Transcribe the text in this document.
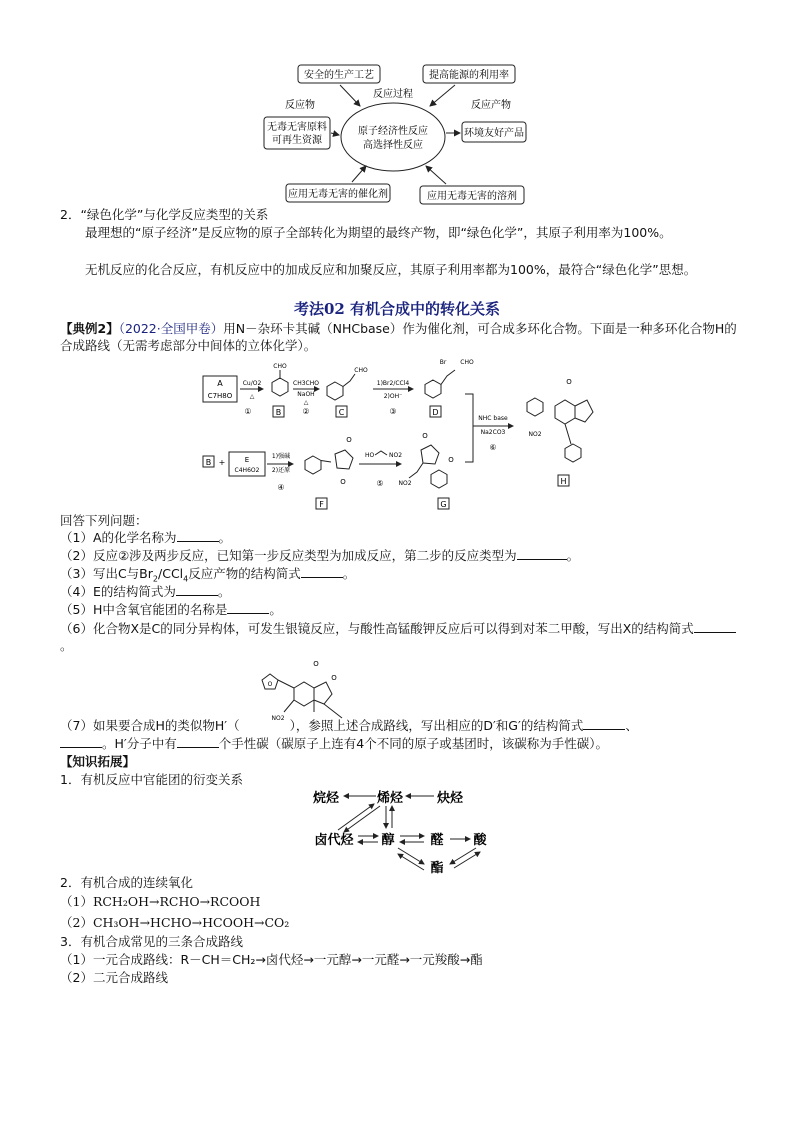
原子经济性反应
高选择性反应
安全的生产工艺	提高能源的利用率
反应物
反应过程
反应产物
无毒无害原料
可再生资源
环境友好产品
应用无毒无害的催化剂	应用无毒无害的溶剂
2．“绿色化学”与化学反应类型的关系
最理想的“原子经济”是反应物的原子全部转化为期望的最终产物，即“绿色化学”，其原子利用率为100%。
无机反应的化合反应，有机反应中的加成反应和加聚反应，其原子利用率都为100%，最符合“绿色化学”思想。
考法02 有机合成中的转化关系
【典例2】（2022·全国甲卷）用N－杂环卡其碱（NHCbase）作为催化剂，可合成多环化合物。下面是一种多环化合物H的合成路线（无需考虑部分中间体的立体化学）。
A
C7H8O
Cu/O2
△
①
CHO
B
CH3CHO
NaOH
△
②
CHO
C
1)Br2/CCl4
2)OH⁻
③
Br CHO
D
NHC base
Na2CO3
⑥
O
NO2
H
B +	E
C4H6O2
1)强碱
2)还原
④
O
O
F
HO NO2
⑤
O
O
NO2
G
回答下列问题：
（1）A的化学名称为	。
（2）反应②涉及两步反应，已知第一步反应类型为加成反应，第二步的反应类型为	。
（3）写出C与$Br_2/CCl_4$反应产物的结构简式	。
（4）E的结构简式为	。
（5）H中含氧官能团的名称是	。
（6）化合物X是C的同分异构体，可发生银镜反应，与酸性高锰酸钾反应后可以得到对苯二甲酸，写出X的结构简式。
O
O
O
NO2
（7）如果要合成H的类似物H′（	），参照上述合成路线，写出相应的D′和G′的结构简式	、
。H′分子中有	个手性碳（碳原子上连有4个不同的原子或基团时，该碳称为手性碳）。
【知识拓展】
1．有机反应中官能团的衍变关系
烷烃	烯烃	炔烃
卤代烃 醇	醛 酸
酯
2．有机合成的连续氧化
（1）RCH₂OH→RCHO→RCOOH
（2）CH₃OH→HCHO→HCOOH→CO₂
3．有机合成常见的三条合成路线
（1）一元合成路线：R－CH＝CH₂→卤代烃→一元醇→一元醛→一元羧酸→酯
（2）二元合成路线
